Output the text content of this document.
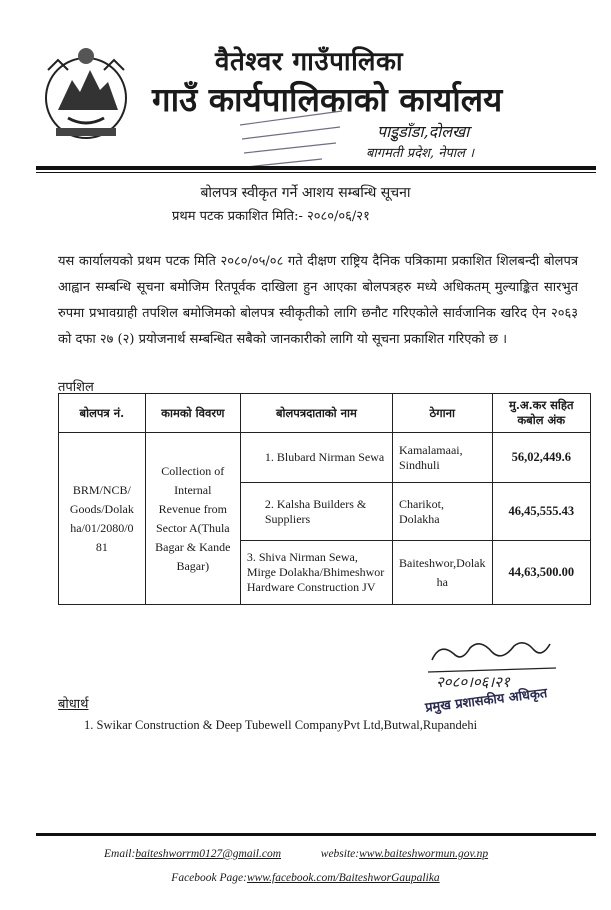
वैतेश्वर गाउँपालिका
गाउँ कार्यपालिकाको कार्यालय
पाइुडाँडा,दोलखा
बागमती प्रदेश, नेपाल ।
बोलपत्र स्वीकृत गर्ने आशय सम्बन्धि सूचना
प्रथम पटक प्रकाशित मिति:- २०८०/०६/२१
यस कार्यालयको प्रथम पटक मिति २०८०/०५/०८ गते दीक्षण राष्ट्रिय दैनिक पत्रिकामा प्रकाशित शिलबन्दी बोलपत्र आह्वान सम्बन्धि सूचना बमोजिम रितपूर्वक दाखिला हुन आएका बोलपत्रहरु मध्ये अधिकतम् मुल्याङ्कित सारभुत रुपमा प्रभावग्राही तपशिल बमोजिमको बोलपत्र स्वीकृतीको लागि छनौट गरिएकोले सार्वजानिक खरिद ऐन २०६३ को दफा २७ (२) प्रयोजनार्थ सम्बन्धित सबैको जानकारीको लागि यो सूचना प्रकाशित गरिएको छ ।
तपशिल
बोलपत्र नं.	कामको विवरण	बोलपत्रदाताको नाम	ठेगाना	मु.अ.कर सहित कबोल अंक
BRM/NCB/ Goods/Dolak ha/01/2080/0 81	Collection of Internal Revenue from Sector A(Thula Bagar & Kande Bagar)	1. Blubard Nirman Sewa	Kamalamaai, Sindhuli	56,02,449.6
		2. Kalsha Builders & Suppliers	Charikot, Dolakha	46,45,555.43
		3. Shiva Nirman Sewa, Mirge Dolakha/Bhimeshwor Hardware Construction JV	Baiteshwor,Dolak ha	44,63,500.00
२०८०।०६।२१
प्रमुख प्रशासकीय अधिकृत
बोधार्थ
1. Swikar Construction & Deep Tubewell CompanyPvt Ltd,Butwal,Rupandehi
Email:baiteshworrm0127@gmail.com	website:www.baiteshwormun.gov.np
Facebook Page:www.facebook.com/BaiteshworGaupalika
